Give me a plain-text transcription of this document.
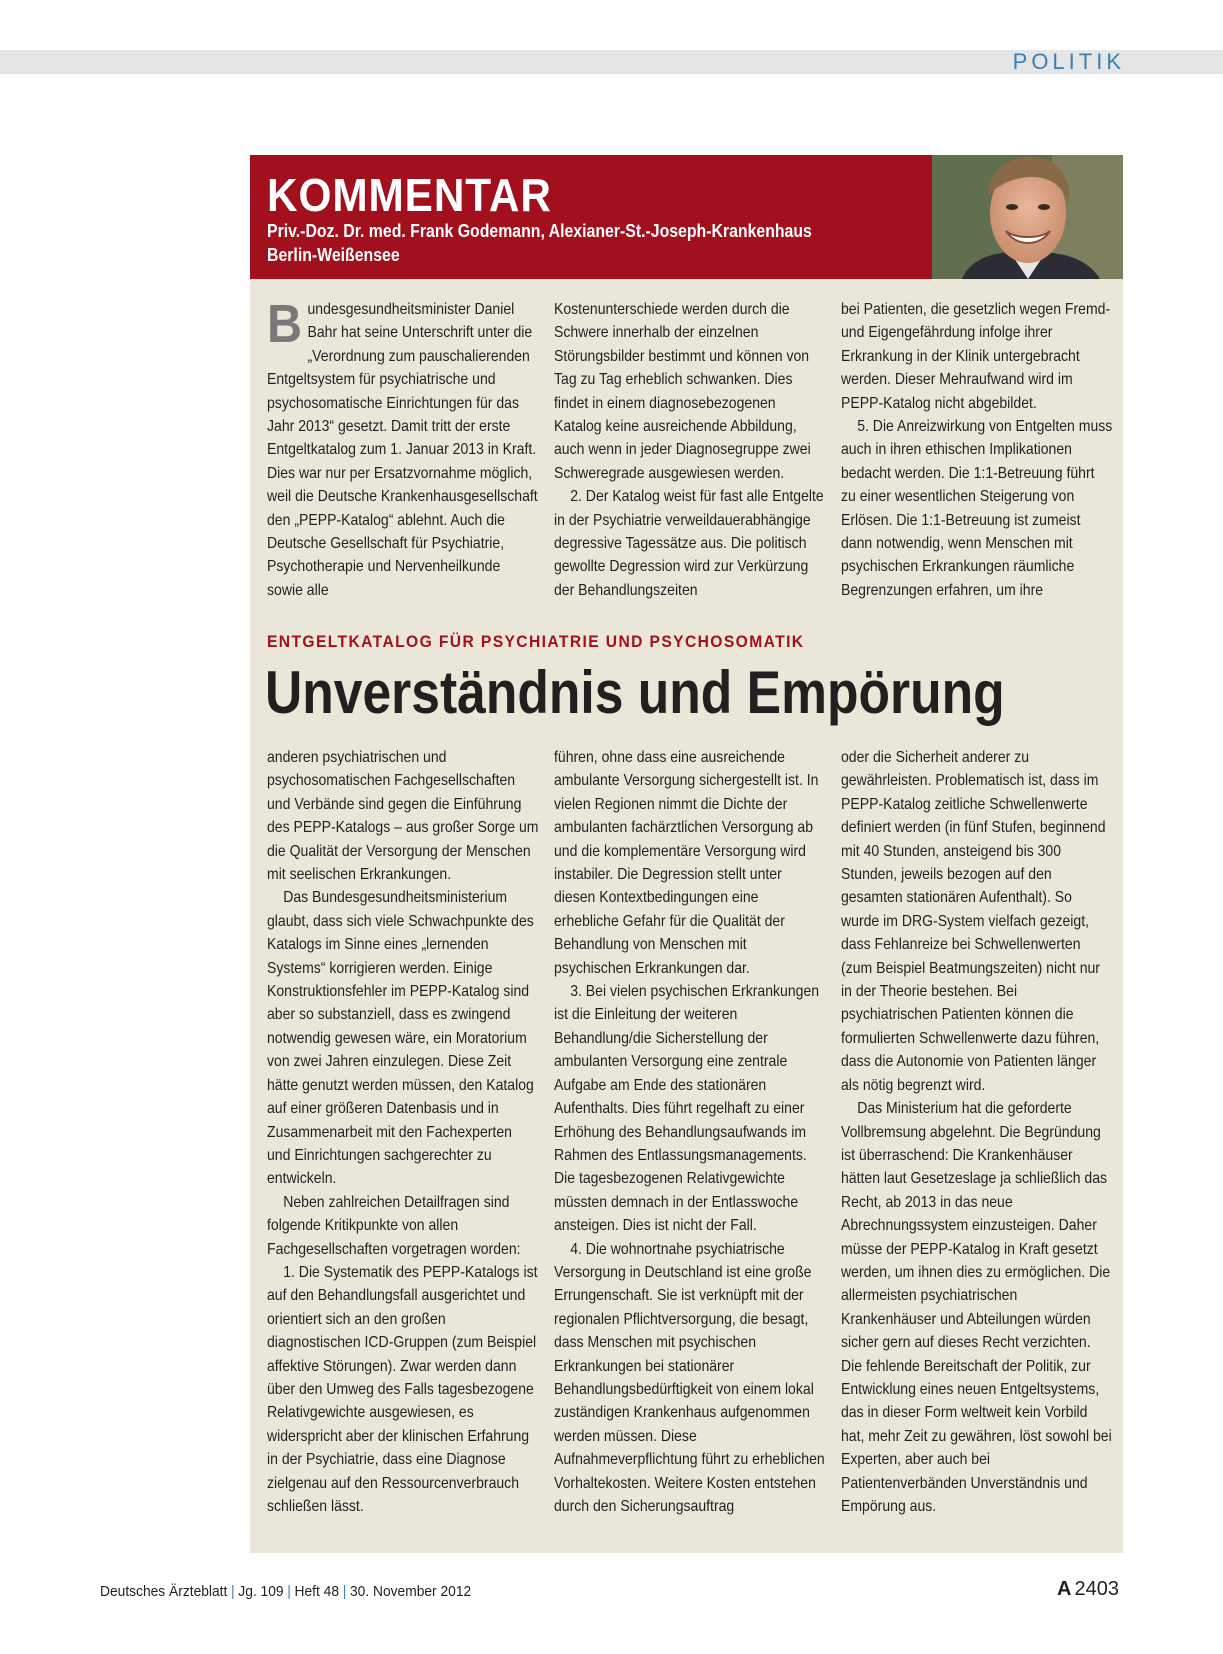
POLITIK
KOMMENTAR
Priv.-Doz. Dr. med. Frank Godemann, Alexianer-St.-Joseph-Krankenhaus
Berlin-Weißensee

Bundesgesundheitsminister Daniel Bahr hat seine Unterschrift unter die „Verordnung zum pauschalierenden Entgeltsystem für psychiatrische und psychosomatische Einrichtungen für das Jahr 2013“ gesetzt. Damit tritt der erste Entgeltkatalog zum 1. Januar 2013 in Kraft. Dies war nur per Ersatzvornahme möglich, weil die Deutsche Krankenhausgesellschaft den „PEPP-Katalog“ ablehnt. Auch die Deutsche Gesellschaft für Psychiatrie, Psychotherapie und Nervenheilkunde sowie alle

Kostenunterschiede werden durch die Schwere innerhalb der einzelnen Störungsbilder bestimmt und können von Tag zu Tag erheblich schwanken. Dies findet in einem diagnosebezogenen Katalog keine ausreichende Abbildung, auch wenn in jeder Diagnosegruppe zwei Schweregrade ausgewiesen werden.

2. Der Katalog weist für fast alle Entgelte in der Psychiatrie verweildauerabhängige degressive Tagessätze aus. Die politisch gewollte Degression wird zur Verkürzung der Behandlungszeiten

bei Patienten, die gesetzlich wegen Fremd- und Eigengefährdung infolge ihrer Erkrankung in der Klinik untergebracht werden. Dieser Mehraufwand wird im PEPP-Katalog nicht abgebildet.

5. Die Anreizwirkung von Entgelten muss auch in ihren ethischen Implikationen bedacht werden. Die 1:1-Betreuung führt zu einer wesentlichen Steigerung von Erlösen. Die 1:1-Betreuung ist zumeist dann notwendig, wenn Menschen mit psychischen Erkrankungen räumliche Begrenzungen erfahren, um ihre

ENTGELTKATALOG FÜR PSYCHIATRIE UND PSYCHOSOMATIK
Unverständnis und Empörung

anderen psychiatrischen und psychosomatischen Fachgesellschaften und Verbände sind gegen die Einführung des PEPP-Katalogs – aus großer Sorge um die Qualität der Versorgung der Menschen mit seelischen Erkrankungen.

Das Bundesgesundheitsministerium glaubt, dass sich viele Schwachpunkte des Katalogs im Sinne eines „lernenden Systems“ korrigieren werden. Einige Konstruktionsfehler im PEPP-Katalog sind aber so substanziell, dass es zwingend notwendig gewesen wäre, ein Moratorium von zwei Jahren einzulegen. Diese Zeit hätte genutzt werden müssen, den Katalog auf einer größeren Datenbasis und in Zusammenarbeit mit den Fachexperten und Einrichtungen sachgerechter zu entwickeln.

Neben zahlreichen Detailfragen sind folgende Kritikpunkte von allen Fachgesellschaften vorgetragen worden:

1. Die Systematik des PEPP-Katalogs ist auf den Behandlungsfall ausgerichtet und orientiert sich an den großen diagnostischen ICD-Gruppen (zum Beispiel affektive Störungen). Zwar werden dann über den Umweg des Falls tagesbezogene Relativgewichte ausgewiesen, es widerspricht aber der klinischen Erfahrung in der Psychiatrie, dass eine Diagnose zielgenau auf den Ressourcenverbrauch schließen lässt.

führen, ohne dass eine ausreichende ambulante Versorgung sichergestellt ist. In vielen Regionen nimmt die Dichte der ambulanten fachärztlichen Versorgung ab und die komplementäre Versorgung wird instabiler. Die Degression stellt unter diesen Kontextbedingungen eine erhebliche Gefahr für die Qualität der Behandlung von Menschen mit psychischen Erkrankungen dar.

3. Bei vielen psychischen Erkrankungen ist die Einleitung der weiteren Behandlung/die Sicherstellung der ambulanten Versorgung eine zentrale Aufgabe am Ende des stationären Aufenthalts. Dies führt regelhaft zu einer Erhöhung des Behandlungsaufwands im Rahmen des Entlassungsmanagements. Die tagesbezogenen Relativgewichte müssten demnach in der Entlasswoche ansteigen. Dies ist nicht der Fall.

4. Die wohnortnahe psychiatrische Versorgung in Deutschland ist eine große Errungenschaft. Sie ist verknüpft mit der regionalen Pflichtversorgung, die besagt, dass Menschen mit psychischen Erkrankungen bei stationärer Behandlungsbedürftigkeit von einem lokal zuständigen Krankenhaus aufgenommen werden müssen. Diese Aufnahmeverpflichtung führt zu erheblichen Vorhaltekosten. Weitere Kosten entstehen durch den Sicherungsauftrag

oder die Sicherheit anderer zu gewährleisten. Problematisch ist, dass im PEPP-Katalog zeitliche Schwellenwerte definiert werden (in fünf Stufen, beginnend mit 40 Stunden, ansteigend bis 300 Stunden, jeweils bezogen auf den gesamten stationären Aufenthalt). So wurde im DRG-System vielfach gezeigt, dass Fehlanreize bei Schwellenwerten (zum Beispiel Beatmungszeiten) nicht nur in der Theorie bestehen. Bei psychiatrischen Patienten können die formulierten Schwellenwerte dazu führen, dass die Autonomie von Patienten länger als nötig begrenzt wird.

Das Ministerium hat die geforderte Vollbremsung abgelehnt. Die Begründung ist überraschend: Die Krankenhäuser hätten laut Gesetzeslage ja schließlich das Recht, ab 2013 in das neue Abrechnungssystem einzusteigen. Daher müsse der PEPP-Katalog in Kraft gesetzt werden, um ihnen dies zu ermöglichen. Die allermeisten psychiatrischen Krankenhäuser und Abteilungen würden sicher gern auf dieses Recht verzichten. Die fehlende Bereitschaft der Politik, zur Entwicklung eines neuen Entgeltsystems, das in dieser Form weltweit kein Vorbild hat, mehr Zeit zu gewähren, löst sowohl bei Experten, aber auch bei Patientenverbänden Unverständnis und Empörung aus.

Deutsches Ärzteblatt | Jg. 109 | Heft 48 | 30. November 2012	A 2403
